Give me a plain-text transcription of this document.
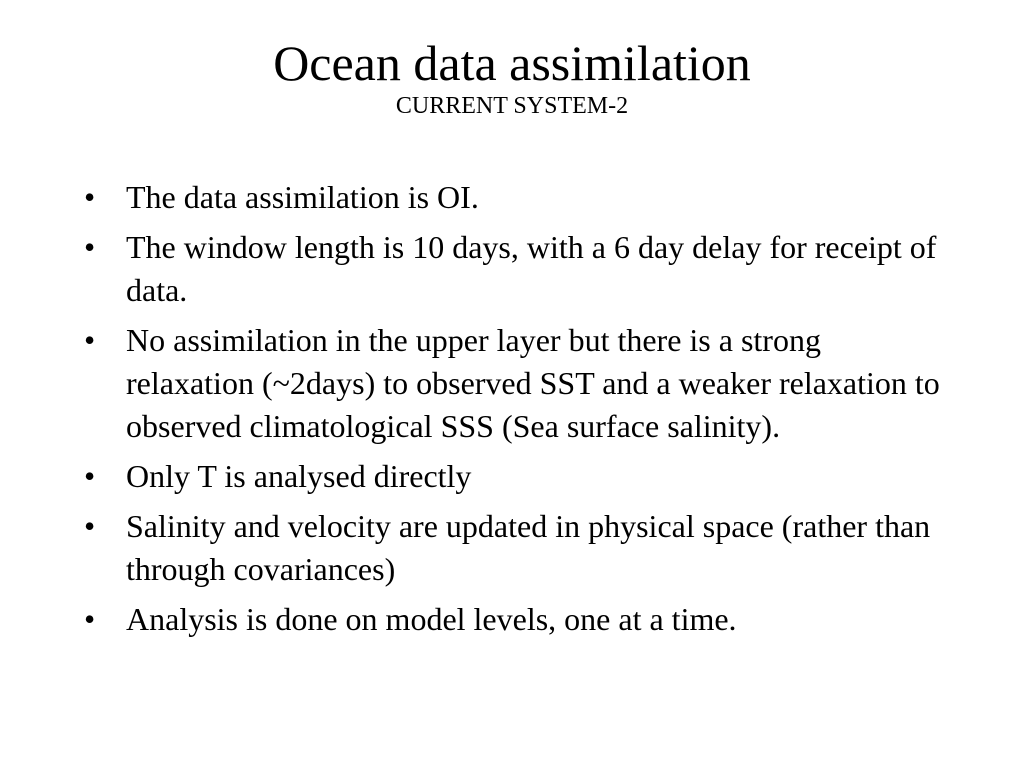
Ocean data assimilation
CURRENT SYSTEM-2
• The data assimilation is OI.
• The window length is 10 days, with a 6 day delay for receipt of data.
• No assimilation in the upper layer but there is a strong relaxation (~2days) to observed SST and a weaker relaxation to observed climatological SSS (Sea surface salinity).
• Only T is analysed directly
• Salinity and velocity are updated in physical space (rather than through covariances)
• Analysis is done on model levels, one at a time.
